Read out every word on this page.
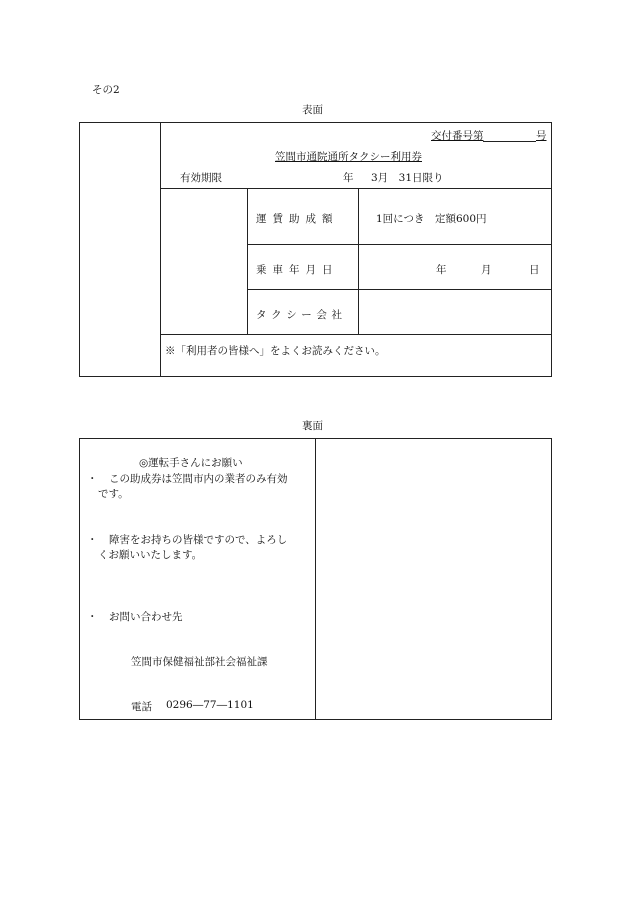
その2
表面
交付番号第	号
笠間市通院通所タクシー利用券
有効期限	年 3月　31日限り
運賃助成額	1回につき　定額600円
乗車年月日	年	月	日
タクシー会社
※「利用者の皆様へ」をよくお読みください。
裏面
◎運転手さんにお願い
・ この助成券は笠間市内の業者のみ有効
です。
・ 障害をお持ちの皆様ですので、よろし
くお願いいたします。
・ お問い合わせ先
笠間市保健福祉部社会福祉課
電話 0296―77―1101
